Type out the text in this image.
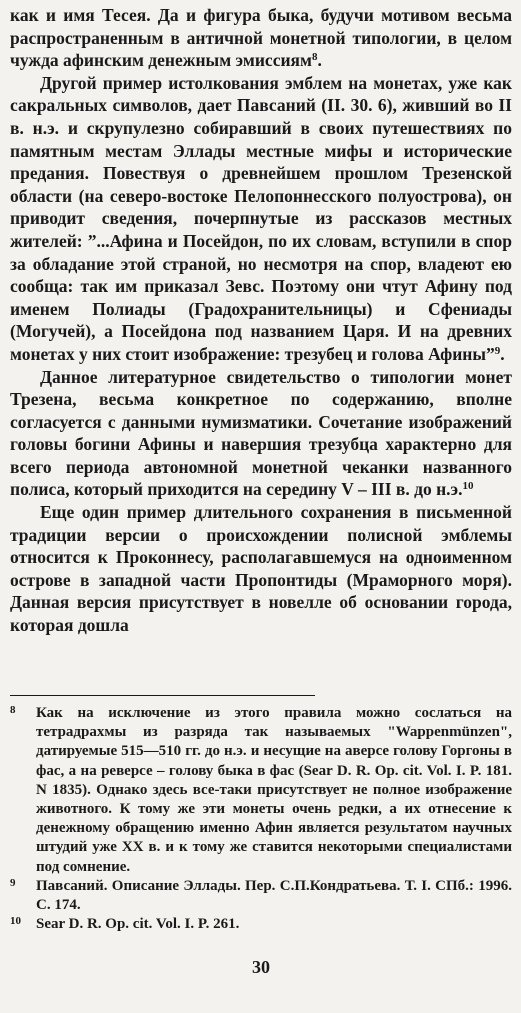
как и имя Тесея. Да и фигура быка, будучи мотивом весьма распространенным в античной монетной типологии, в целом чужда афинским денежным эмиссиям$^8$.

Другой пример истолкования эмблем на монетах, уже как сакральных символов, дает Павсаний (II. 30. 6), живший во II в. н.э. и скрупулезно собиравший в своих путешествиях по памятным местам Эллады местные мифы и исторические предания. Повествуя о древнейшем прошлом Трезенской области (на северо-востоке Пелопоннесского полуострова), он приводит сведения, почерпнутые из рассказов местных жителей: ”...Афина и Посейдон, по их словам, вступили в спор за обладание этой страной, но несмотря на спор, владеют ею сообща: так им приказал Зевс. Поэтому они чтут Афину под именем Полиады (Градохранительницы) и Сфениады (Могучей), а Посейдона под названием Царя. И на древних монетах у них стоит изображение: трезубец и голова Афины”$^9$.

Данное литературное свидетельство о типологии монет Трезена, весьма конкретное по содержанию, вполне согласуется с данными нумизматики. Сочетание изображений головы богини Афины и навершия трезубца характерно для всего периода автономной монетной чеканки названного полиса, который приходится на середину V – III в. до н.э.$^{10}$

Еще один пример длительного сохранения в письменной традиции версии о происхождении полисной эмблемы относится к Проконнесу, располагавшемуся на одноименном острове в западной части Пропонтиды (Мраморного моря). Данная версия присутствует в новелле об основании города, которая дошла

8 Как на исключение из этого правила можно сослаться на тетрадрахмы из разряда так называемых "Wappenmünzen", датируемые 515—510 гг. до н.э. и несущие на аверсе голову Горгоны в фас, а на реверсе – голову быка в фас (Sear D. R. Op. cit. Vol. I. P. 181. N 1835). Однако здесь все-таки присутствует не полное изображение животного. К тому же эти монеты очень редки, а их отнесение к денежному обращению именно Афин является результатом научных штудий уже XX в. и к тому же ставится некоторыми специалистами под сомнение.

9 Павсаний. Описание Эллады. Пер. С.П.Кондратьева. Т. I. СПб.: 1996. С. 174.

10 Sear D. R. Op. cit. Vol. I. P. 261.

30
